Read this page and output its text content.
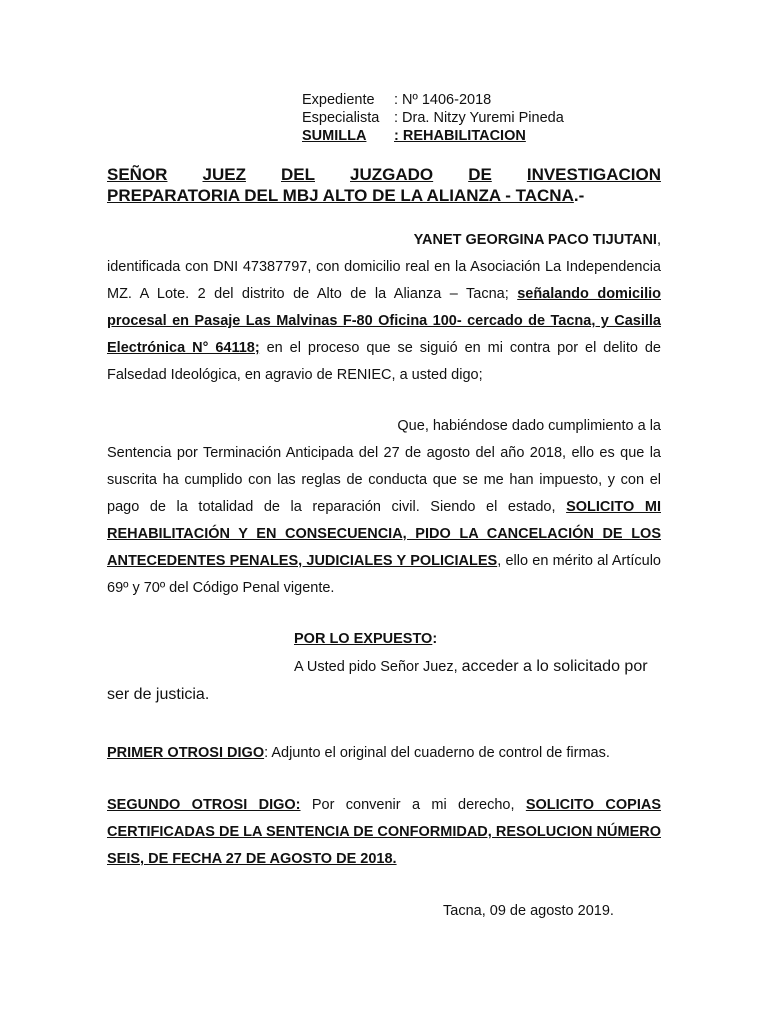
Expediente : Nº 1406-2018
Especialista : Dra. Nitzy Yuremi Pineda
SUMILLA : REHABILITACION
SEÑOR JUEZ DEL JUZGADO DE INVESTIGACION
PREPARATORIA DEL MBJ ALTO DE LA ALIANZA - TACNA.-
YANET GEORGINA PACO TIJUTANI,
identificada con DNI 47387797, con domicilio real en la Asociación La Independencia MZ. A Lote. 2 del distrito de Alto de la Alianza – Tacna; señalando domicilio procesal en Pasaje Las Malvinas F-80 Oficina 100- cercado de Tacna, y Casilla Electrónica N° 64118; en el proceso que se siguió en mi contra por el delito de Falsedad Ideológica, en agravio de RENIEC, a usted digo;
Que, habiéndose dado cumplimiento a la
Sentencia por Terminación Anticipada del 27 de agosto del año 2018, ello es que la suscrita ha cumplido con las reglas de conducta que se me han impuesto, y con el pago de la totalidad de la reparación civil. Siendo el estado, SOLICITO MI REHABILITACIÓN Y EN CONSECUENCIA, PIDO LA CANCELACIÓN DE LOS ANTECEDENTES PENALES, JUDICIALES Y POLICIALES, ello en mérito al Artículo 69º y 70º del Código Penal vigente.
POR LO EXPUESTO:
A Usted pido Señor Juez, acceder a lo solicitado por
ser de justicia.
PRIMER OTROSI DIGO: Adjunto el original del cuaderno de control de firmas.
SEGUNDO OTROSI DIGO: Por convenir a mi derecho, SOLICITO COPIAS CERTIFICADAS DE LA SENTENCIA DE CONFORMIDAD, RESOLUCION NÚMERO SEIS, DE FECHA 27 DE AGOSTO DE 2018.
Tacna, 09 de agosto 2019.
